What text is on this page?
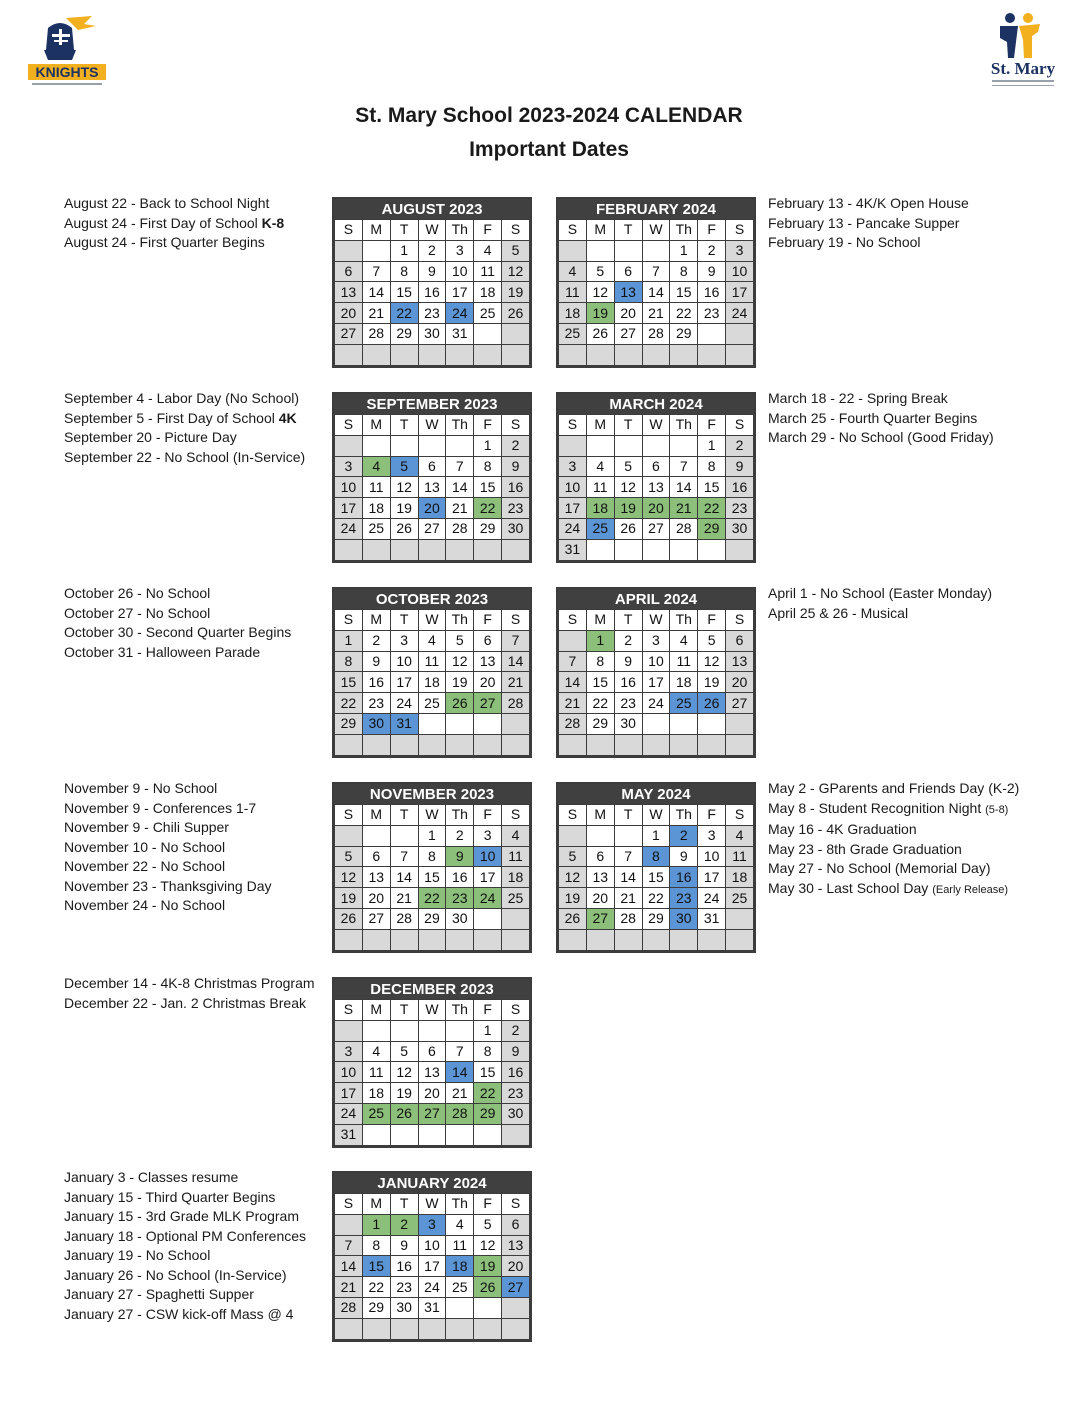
KNIGHTS	St. Mary
St. Mary School 2023-2024 CALENDAR
Important Dates
August 22 - Back to School Night
August 24 - First Day of School K-8
August 24 - First Quarter Begins
September 4 - Labor Day (No School)
September 5 - First Day of School 4K
September 20 - Picture Day
September 22 - No School (In-Service)
October 26 - No School
October 27 - No School
October 30 - Second Quarter Begins
October 31 - Halloween Parade
November 9 - No School
November 9 - Conferences 1-7
November 9 - Chili Supper
November 10 - No School
November 22 - No School
November 23 - Thanksgiving Day
November 24 - No School
December 14 - 4K-8 Christmas Program
December 22 - Jan. 2 Christmas Break
January 3 - Classes resume
January 15 - Third Quarter Begins
January 15 - 3rd Grade MLK Program
January 18 - Optional PM Conferences
January 19 - No School
January 26 - No School (In-Service)
January 27 - Spaghetti Supper
January 27 - CSW kick-off Mass @ 4
February 13 - 4K/K Open House
February 13 - Pancake Supper
February 19 - No School
March 18 - 22 - Spring Break
March 25 - Fourth Quarter Begins
March 29 - No School (Good Friday)
April 1 - No School (Easter Monday)
April 25 & 26 - Musical
May 2 - GParents and Friends Day (K-2)
May 8 - Student Recognition Night (5-8)
May 16 - 4K Graduation
May 23 - 8th Grade Graduation
May 27 - No School (Memorial Day)
May 30 - Last School Day (Early Release)
AUGUST 2023
S	M	T	W	Th	F	S
		1	2	3	4	5
6	7	8	9	10	11	12
13	14	15	16	17	18	19
20	21	22	23	24	25	26
27	28	29	30	31		

SEPTEMBER 2023
S	M	T	W	Th	F	S
					1	2
3	4	5	6	7	8	9
10	11	12	13	14	15	16
17	18	19	20	21	22	23
24	25	26	27	28	29	30

OCTOBER 2023
S	M	T	W	Th	F	S
1	2	3	4	5	6	7
8	9	10	11	12	13	14
15	16	17	18	19	20	21
22	23	24	25	26	27	28
29	30	31				

NOVEMBER 2023
S	M	T	W	Th	F	S
			1	2	3	4
5	6	7	8	9	10	11
12	13	14	15	16	17	18
19	20	21	22	23	24	25
26	27	28	29	30		

DECEMBER 2023
S	M	T	W	Th	F	S
					1	2
3	4	5	6	7	8	9
10	11	12	13	14	15	16
17	18	19	20	21	22	23
24	25	26	27	28	29	30
31						
JANUARY 2024
S	M	T	W	Th	F	S
	1	2	3	4	5	6
7	8	9	10	11	12	13
14	15	16	17	18	19	20
21	22	23	24	25	26	27
28	29	30	31			

FEBRUARY 2024
S	M	T	W	Th	F	S
				1	2	3
4	5	6	7	8	9	10
11	12	13	14	15	16	17
18	19	20	21	22	23	24
25	26	27	28	29		

MARCH 2024
S	M	T	W	Th	F	S
					1	2
3	4	5	6	7	8	9
10	11	12	13	14	15	16
17	18	19	20	21	22	23
24	25	26	27	28	29	30
31						
APRIL 2024
S	M	T	W	Th	F	S
	1	2	3	4	5	6
7	8	9	10	11	12	13
14	15	16	17	18	19	20
21	22	23	24	25	26	27
28	29	30				

MAY 2024
S	M	T	W	Th	F	S
			1	2	3	4
5	6	7	8	9	10	11
12	13	14	15	16	17	18
19	20	21	22	23	24	25
26	27	28	29	30	31	
